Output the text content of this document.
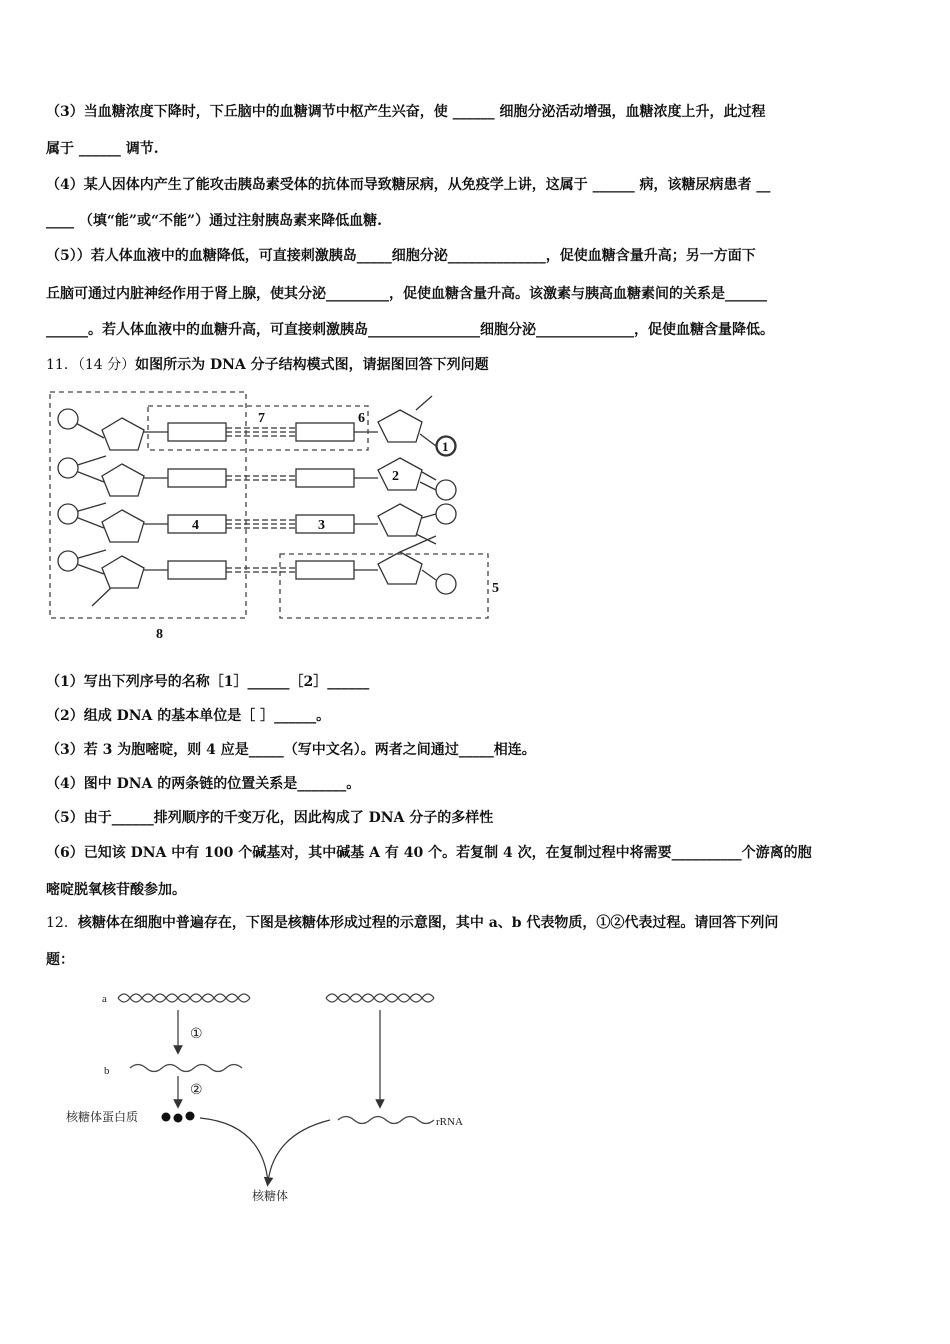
（3）当血糖浓度下降时，下丘脑中的血糖调节中枢产生兴奋，使 ______ 细胞分泌活动增强，血糖浓度上升，此过程
属于 ______ 调节.
（4）某人因体内产生了能攻击胰岛素受体的抗体而导致糖尿病，从免疫学上讲，这属于 ______ 病，该糖尿病患者 __
____ （填“能”或“不能”）通过注射胰岛素来降低血糖.
（5））若人体血液中的血糖降低，可直接刺激胰岛_____细胞分泌______________，促使血糖含量升高；另一方面下
丘脑可通过内脏神经作用于肾上腺，使其分泌_________，促使血糖含量升高。该激素与胰高血糖素间的关系是______
______。若人体血液中的血糖升高，可直接刺激胰岛________________细胞分泌______________，促使血糖含量降低。
11．（14 分）如图所示为 DNA 分子结构模式图，请据图回答下列问题
7	6
2
3
4
5
8
1
（1）写出下列序号的名称［1］______［2］______
（2）组成 DNA 的基本单位是［ ］______。
（3）若 3 为胞嘧啶，则 4 应是_____（写中文名）。两者之间通过_____相连。
（4）图中 DNA 的两条链的位置关系是_______。
（5）由于______排列顺序的千变万化，因此构成了 DNA 分子的多样性
（6）已知该 DNA 中有 100 个碱基对，其中碱基 A 有 40 个。若复制 4 次，在复制过程中将需要__________个游离的胞
嘧啶脱氧核苷酸参加。
12．核糖体在细胞中普遍存在，下图是核糖体形成过程的示意图，其中 a、b 代表物质，①②代表过程。请回答下列问
题：
a
①
b
②
核糖体蛋白质	rRNA
核糖体
